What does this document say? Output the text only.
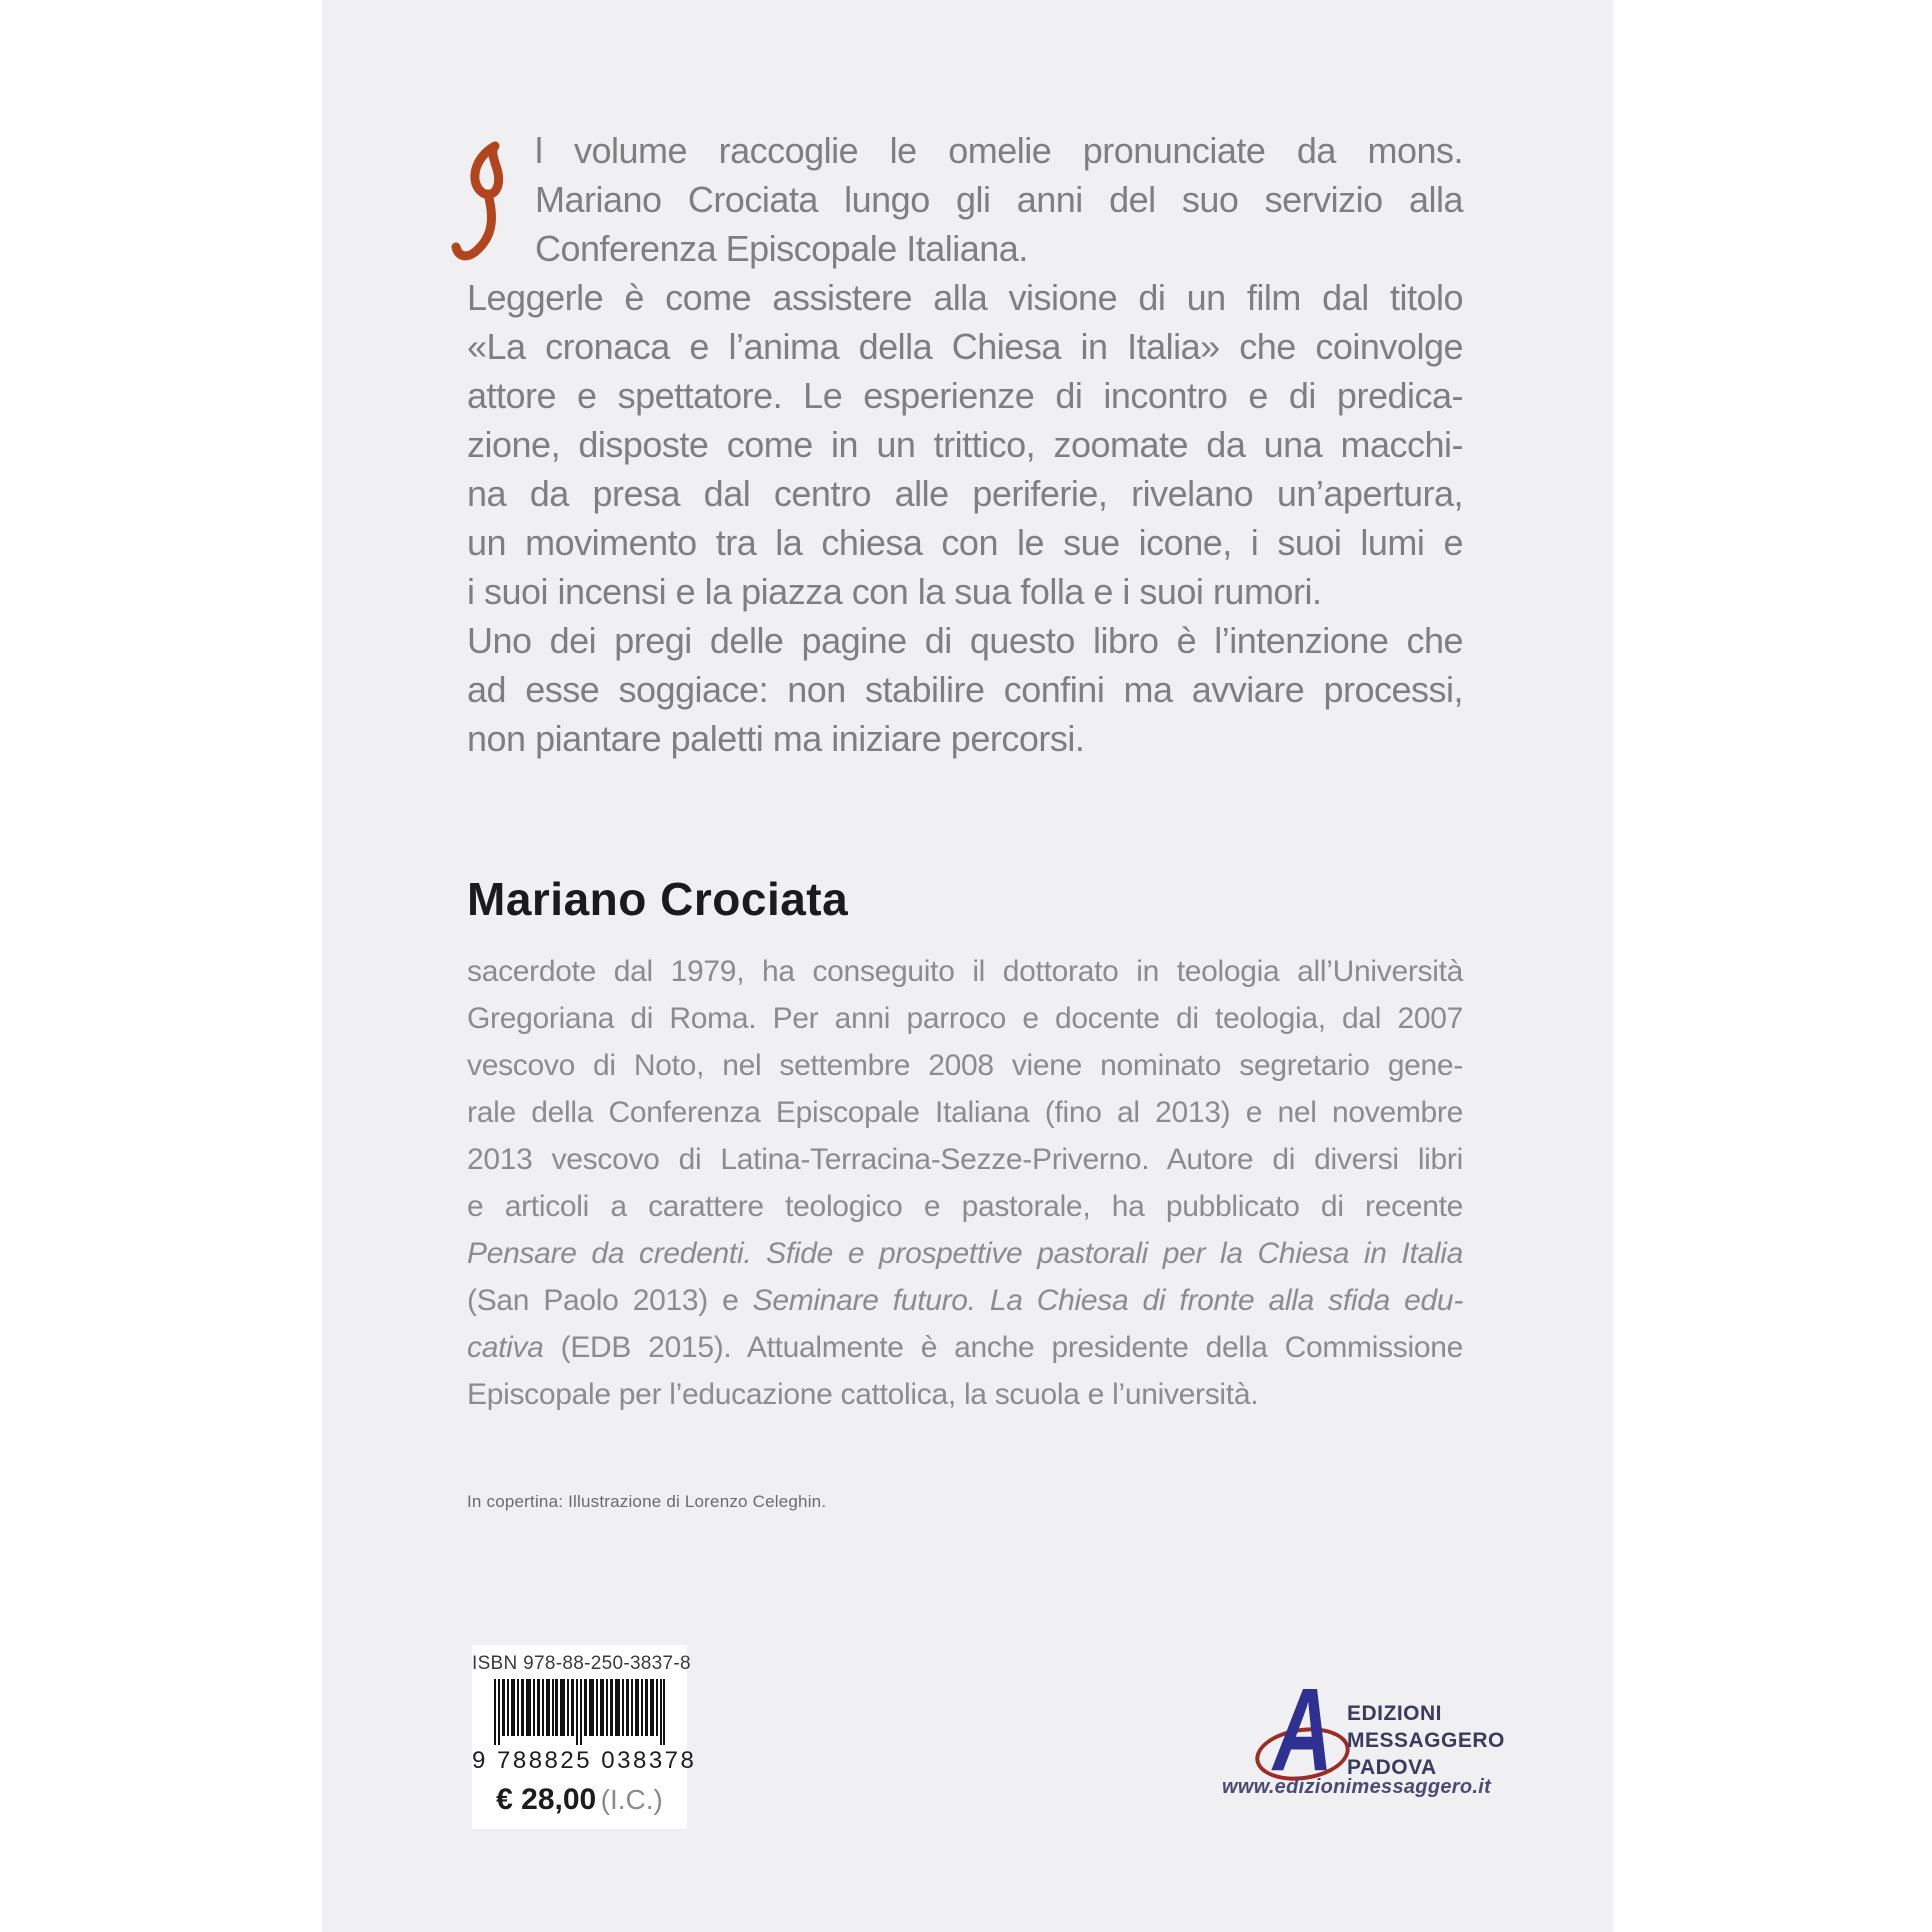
l volume raccoglie le omelie pronunciate da mons.
Mariano Crociata lungo gli anni del suo servizio alla
Conferenza Episcopale Italiana.
Leggerle è come assistere alla visione di un film dal titolo
«La cronaca e l’anima della Chiesa in Italia» che coinvolge
attore e spettatore. Le esperienze di incontro e di predica-
zione, disposte come in un trittico, zoomate da una macchi-
na da presa dal centro alle periferie, rivelano un’apertura,
un movimento tra la chiesa con le sue icone, i suoi lumi e
i suoi incensi e la piazza con la sua folla e i suoi rumori.
Uno dei pregi delle pagine di questo libro è l’intenzione che
ad esse soggiace: non stabilire confini ma avviare processi,
non piantare paletti ma iniziare percorsi.
Mariano Crociata
sacerdote dal 1979, ha conseguito il dottorato in teologia all’Università
Gregoriana di Roma. Per anni parroco e docente di teologia, dal 2007
vescovo di Noto, nel settembre 2008 viene nominato segretario gene-
rale della Conferenza Episcopale Italiana (fino al 2013) e nel novembre
2013 vescovo di Latina-Terracina-Sezze-Priverno. Autore di diversi libri
e articoli a carattere teologico e pastorale, ha pubblicato di recente
Pensare da credenti. Sfide e prospettive pastorali per la Chiesa in Italia
(San Paolo 2013) e Seminare futuro. La Chiesa di fronte alla sfida edu-
cativa (EDB 2015). Attualmente è anche presidente della Commissione
Episcopale per l’educazione cattolica, la scuola e l’università.
In copertina: Illustrazione di Lorenzo Celeghin.
ISBN 978-88-250-3837-8
9 788825 038378
€ 28,00 (I.C.)
A EDIZIONI
MESSAGGERO
PADOVA
www.edizionimessaggero.it
